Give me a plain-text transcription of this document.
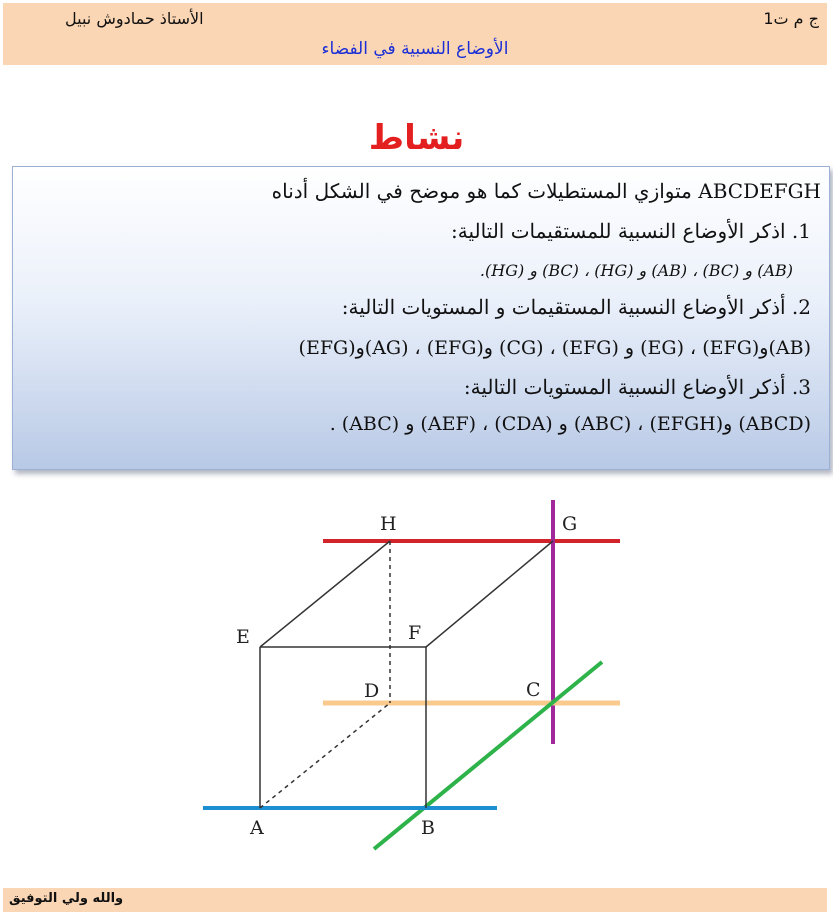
1ج م ت
الأستاذ حمادوش نبيل
الأوضاع النسبية في الفضاء
نشاط
ABCDEFGH متوازي المستطيلات كما هو موضح في الشكل أدناه
1. اذكر الأوضاع النسبية للمستقيمات التالية:
(AB) و (BC) ، (AB) و (HG) ، (BC) و (HG).
2. أذكر الأوضاع النسبية المستقيمات و المستويات التالية:
(AB)و(EFG) ، (EG) و (EFG) ، (CG) و(EFG) ، (AG)و(EFG)
3. أذكر الأوضاع النسبية المستويات التالية:
(ABCD) و(EFGH) ، (ABC) و (CDA) ، (AEF) و (ABC) .
H	G
E	F
D	C
A	B
والله ولي التوفيق
